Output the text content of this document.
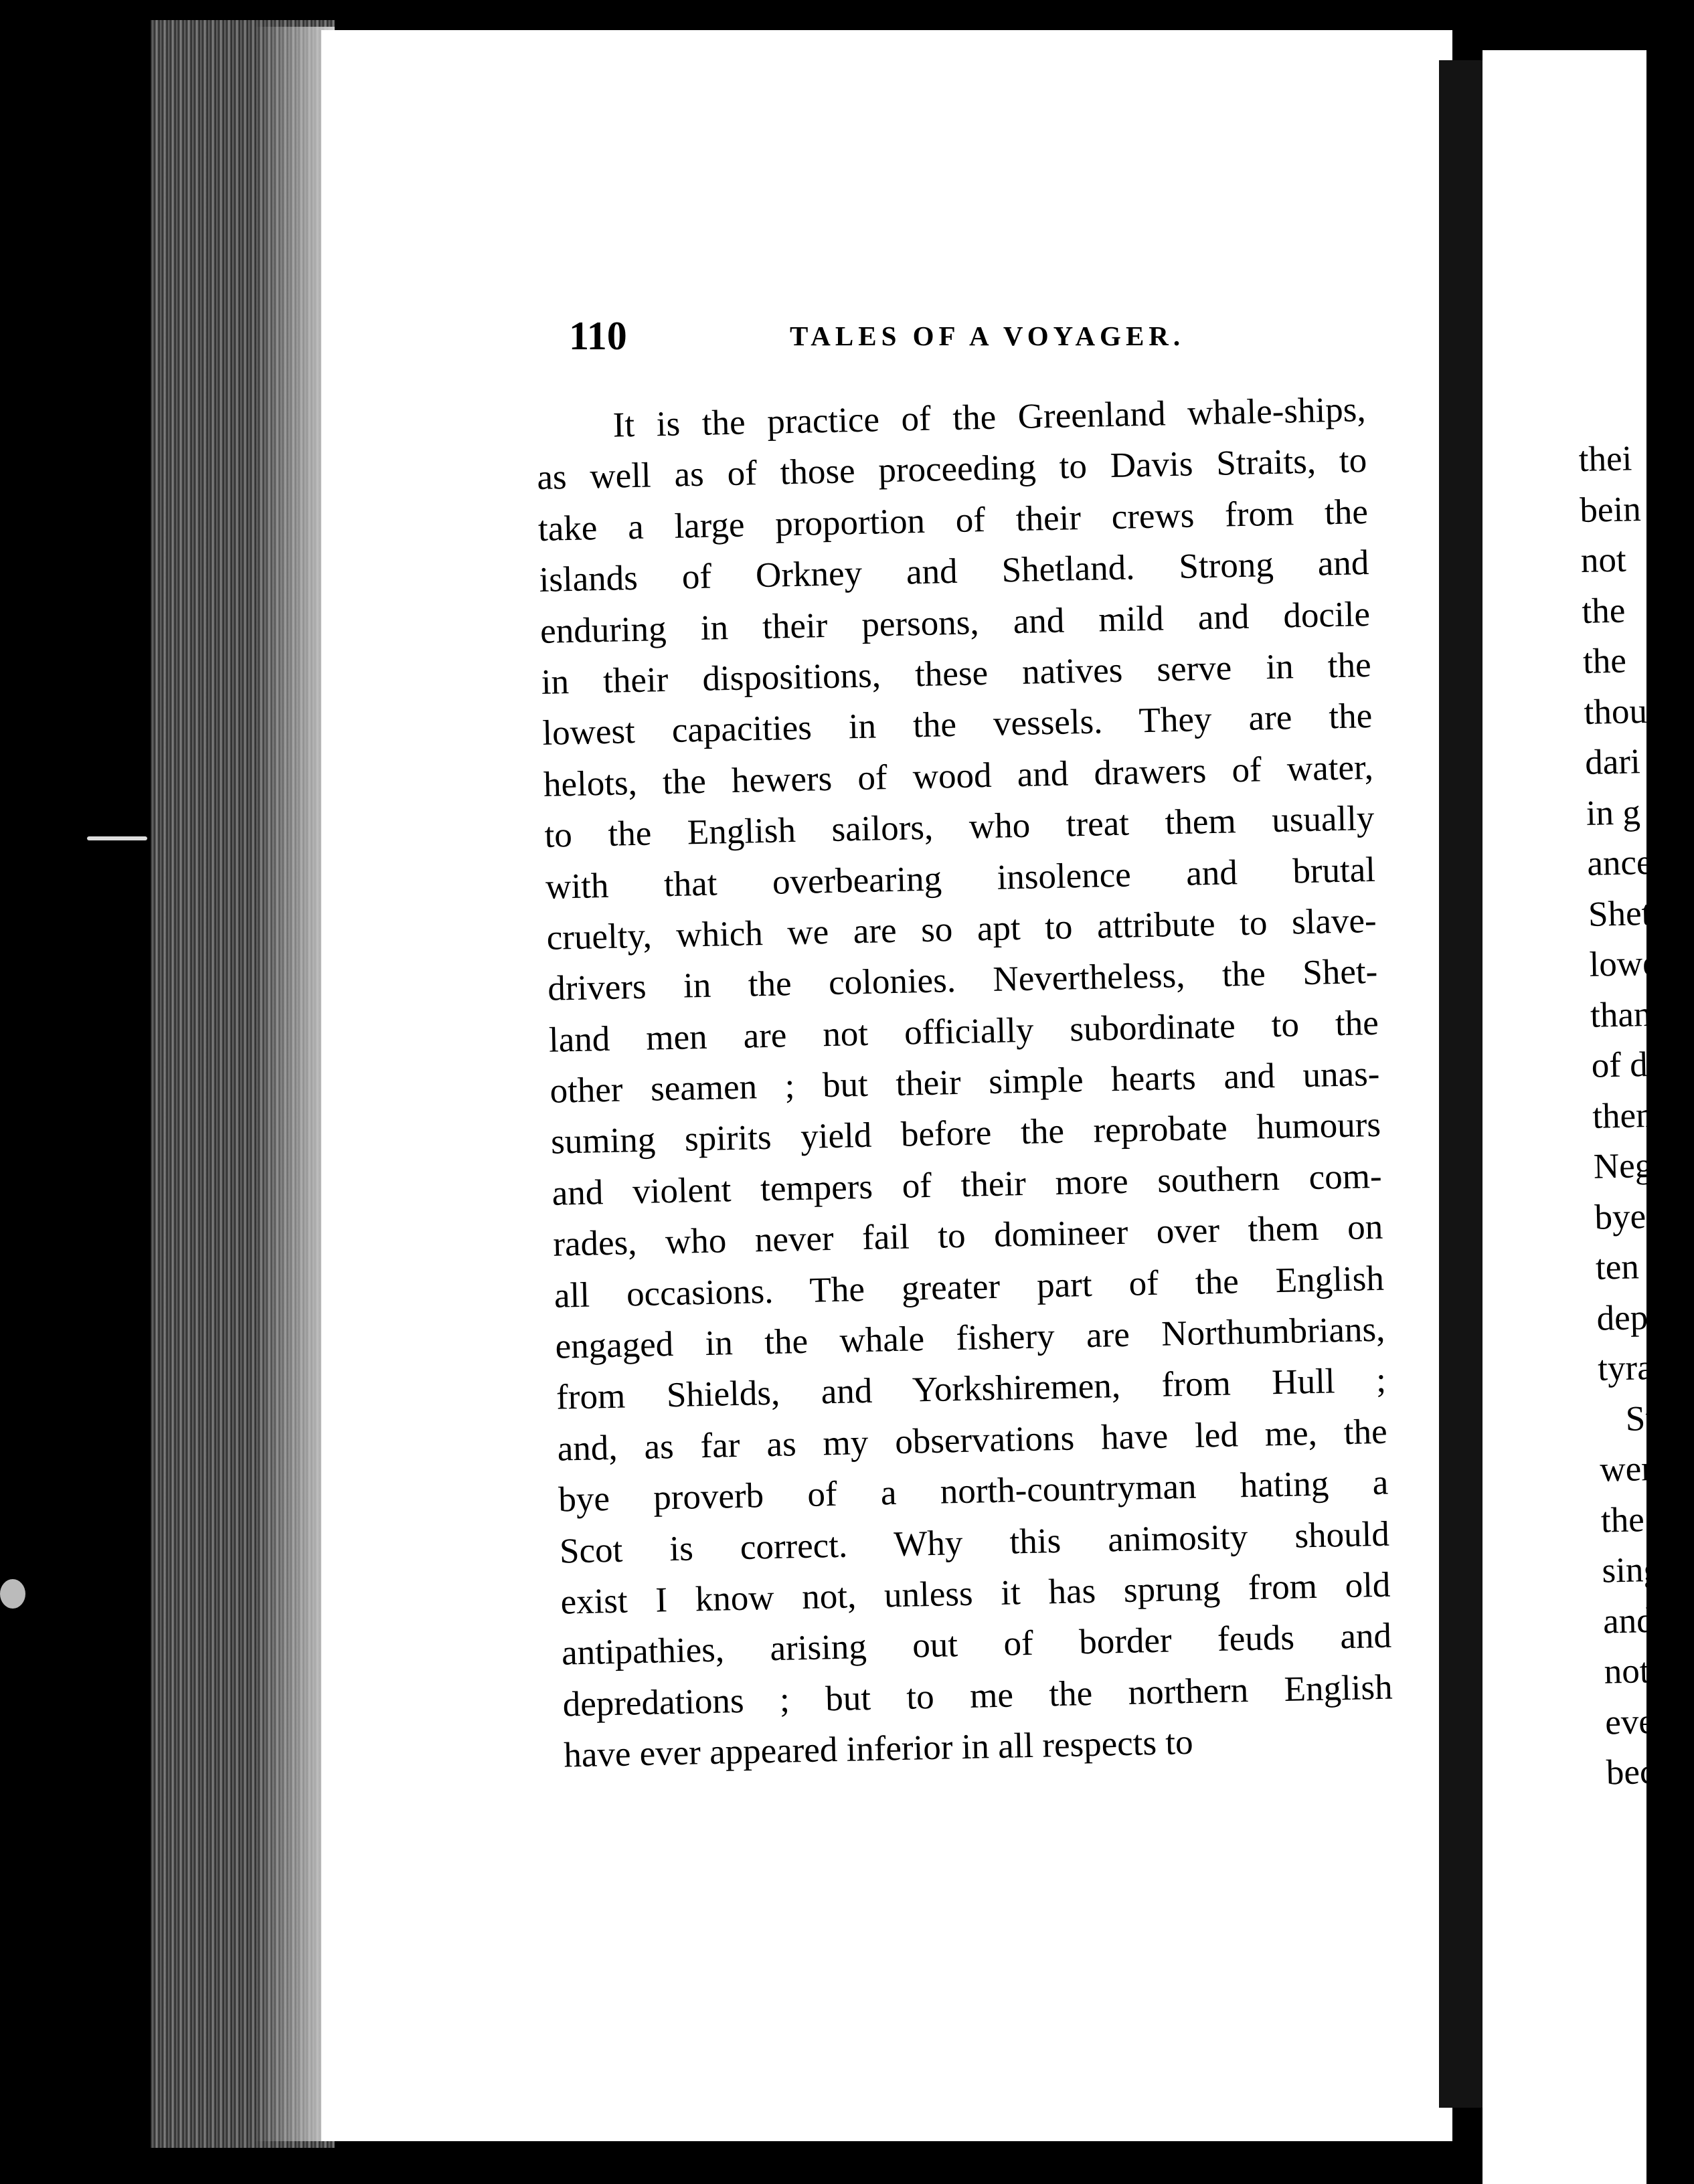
110	TALES OF A VOYAGER.
It is the practice of the Greenland whale-ships,
as well as of those proceeding to Davis Straits, to
take a large proportion of their crews from the
islands of Orkney and Shetland. Strong and
enduring in their persons, and mild and docile
in their dispositions, these natives serve in the
lowest capacities in the vessels. They are the
helots, the hewers of wood and drawers of water,
to the English sailors, who treat them usually
with that overbearing insolence and brutal
cruelty, which we are so apt to attribute to slave-
drivers in the colonies. Nevertheless, the Shet-
land men are not officially subordinate to the
other seamen ; but their simple hearts and unas-
suming spirits yield before the reprobate humours
and violent tempers of their more southern com-
rades, who never fail to domineer over them on
all occasions. The greater part of the English
engaged in the whale fishery are Northumbrians,
from Shields, and Yorkshiremen, from Hull ;
and, as far as my observations have led me, the
bye proverb of a north-countryman hating a
Scot is correct. Why this animosity should
exist I know not, unless it has sprung from old
antipathies, arising out of border feuds and
depredations ; but to me the northern English
have ever appeared inferior in all respects to
thei
bein
not
the
the
thou
dari
in g
ance
Shet
lowe
than
of d
them
Neg
bye-
ten
depr
tyra
Su
were
the
singl
and
notic
ever,
beca
